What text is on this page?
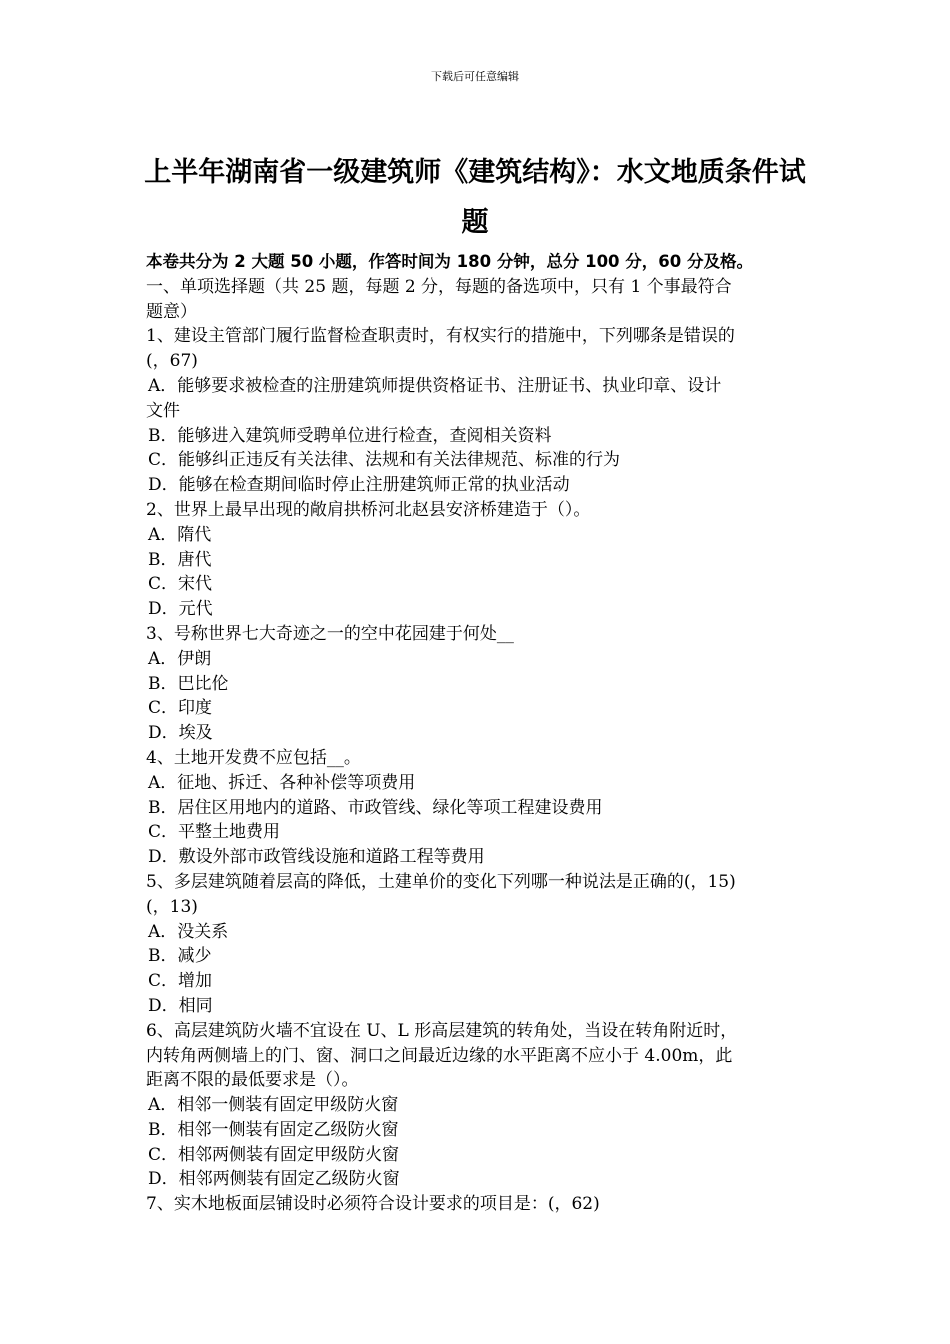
下载后可任意编辑
上半年湖南省一级建筑师《建筑结构》：水文地质条件试
题
本卷共分为 2 大题 50 小题，作答时间为 180 分钟，总分 100 分，60 分及格。
一、单项选择题（共 25 题，每题 2 分，每题的备选项中，只有 1 个事最符合
题意）
1、建设主管部门履行监督检查职责时，有权实行的措施中，下列哪条是错误的
(，67)
A．能够要求被检查的注册建筑师提供资格证书、注册证书、执业印章、设计
文件
B．能够进入建筑师受聘单位进行检查，查阅相关资料
C．能够纠正违反有关法律、法规和有关法律规范、标准的行为
D．能够在检查期间临时停止注册建筑师正常的执业活动
2、世界上最早出现的敞肩拱桥河北赵县安济桥建造于（）。
A．隋代
B．唐代
C．宋代
D．元代
3、号称世界七大奇迹之一的空中花园建于何处__
A．伊朗
B．巴比伦
C．印度
D．埃及
4、土地开发费不应包括__。
A．征地、拆迁、各种补偿等项费用
B．居住区用地内的道路、市政管线、绿化等项工程建设费用
C．平整土地费用
D．敷设外部市政管线设施和道路工程等费用
5、多层建筑随着层高的降低，土建单价的变化下列哪一种说法是正确的(，15)
(，13)
A．没关系
B．减少
C．增加
D．相同
6、高层建筑防火墙不宜设在 U、L 形高层建筑的转角处，当设在转角附近时，
内转角两侧墙上的门、窗、洞口之间最近边缘的水平距离不应小于 4.00m，此
距离不限的最低要求是（）。
A．相邻一侧装有固定甲级防火窗
B．相邻一侧装有固定乙级防火窗
C．相邻两侧装有固定甲级防火窗
D．相邻两侧装有固定乙级防火窗
7、实木地板面层铺设时必须符合设计要求的项目是：(，62)
